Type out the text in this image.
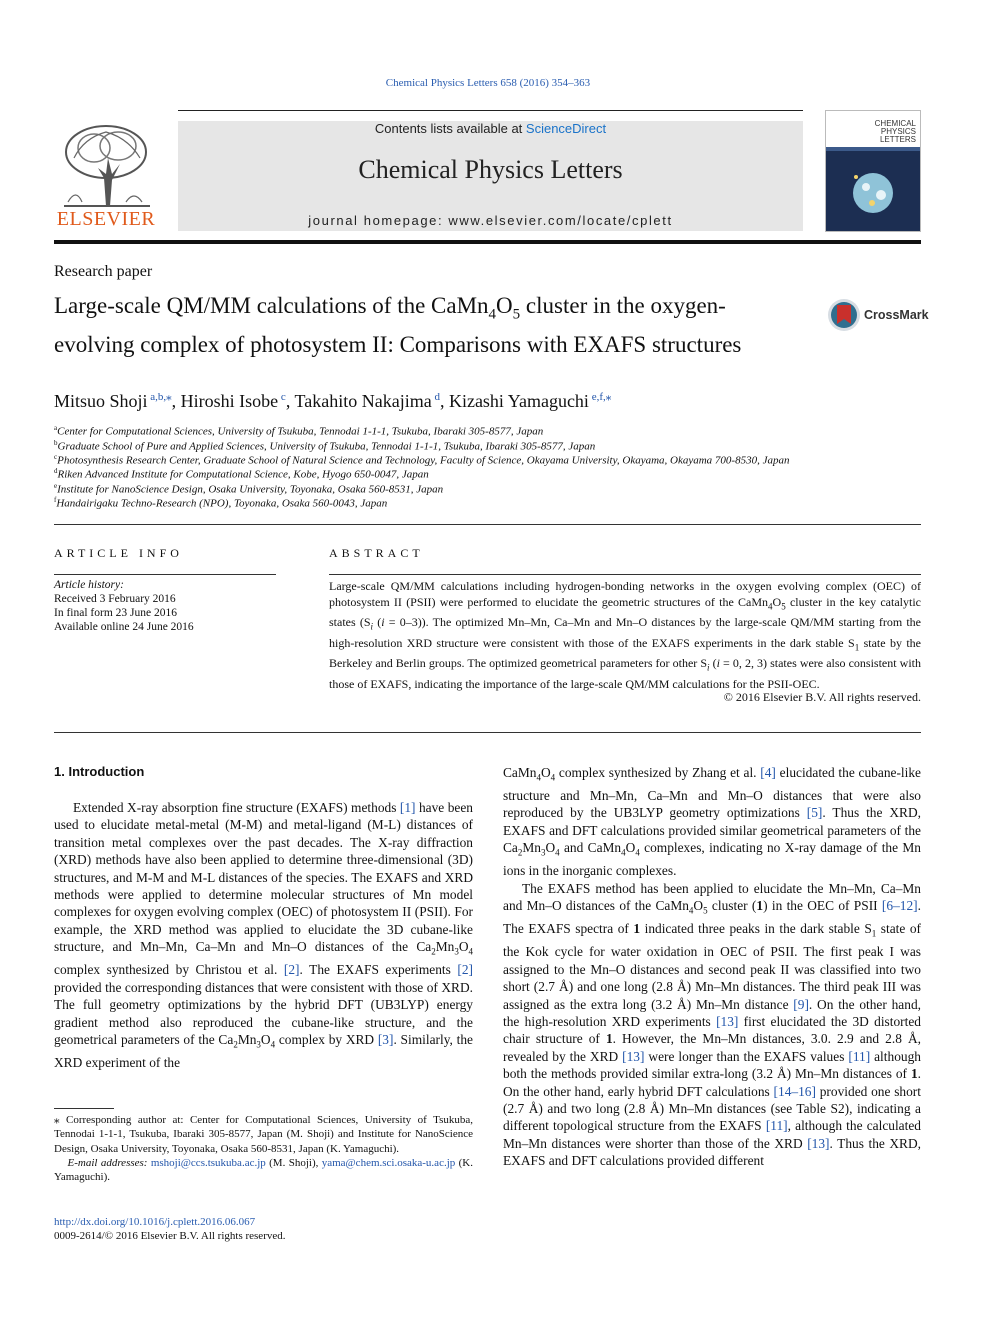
Chemical Physics Letters 658 (2016) 354–363
ELSEVIER
Contents lists available at ScienceDirect
Chemical Physics Letters
journal homepage: www.elsevier.com/locate/cplett
CHEMICAL
PHYSICS
LETTERS
Research paper
Large-scale QM/MM calculations of the $CaMn_4O_5$ cluster in the oxygen-evolving complex of photosystem II: Comparisons with EXAFS structures
CrossMark
Mitsuo Shoji $^{a,b,⁎}$, Hiroshi Isobe $^c$, Takahito Nakajima $^d$, Kizashi Yamaguchi $^{e,f,⁎}$
$^a$Center for Computational Sciences, University of Tsukuba, Tennodai 1-1-1, Tsukuba, Ibaraki 305-8577, Japan
$^b$Graduate School of Pure and Applied Sciences, University of Tsukuba, Tennodai 1-1-1, Tsukuba, Ibaraki 305-8577, Japan
$^c$Photosynthesis Research Center, Graduate School of Natural Science and Technology, Faculty of Science, Okayama University, Okayama, Okayama 700-8530, Japan
$^d$Riken Advanced Institute for Computational Science, Kobe, Hyogo 650-0047, Japan
$^e$Institute for NanoScience Design, Osaka University, Toyonaka, Osaka 560-8531, Japan
$^f$Handairigaku Techno-Research (NPO), Toyonaka, Osaka 560-0043, Japan
ARTICLE INFO	ABSTRACT
Article history:
Received 3 February 2016
In final form 23 June 2016
Available online 24 June 2016
Large-scale QM/MM calculations including hydrogen-bonding networks in the oxygen evolving complex (OEC) of photosystem II (PSII) were performed to elucidate the geometric structures of the $CaMn_4O_5$ cluster in the key catalytic states ($S_i$ (i = 0–3)). The optimized Mn–Mn, Ca–Mn and Mn–O distances by the large-scale QM/MM starting from the high-resolution XRD structure were consistent with those of the EXAFS experiments in the dark stable $S_1$ state by the Berkeley and Berlin groups. The optimized geometrical parameters for other $S_i$ (i = 0, 2, 3) states were also consistent with those of EXAFS, indicating the importance of the large-scale QM/MM calculations for the PSII-OEC.
© 2016 Elsevier B.V. All rights reserved.
1. Introduction

Extended X-ray absorption fine structure (EXAFS) methods [1] have been used to elucidate metal-metal (M-M) and metal-ligand (M-L) distances of transition metal complexes over the past decades. The X-ray diffraction (XRD) methods have also been applied to determine three-dimensional (3D) structures, and M-M and M-L distances of the species. The EXAFS and XRD methods were applied to determine molecular structures of Mn model complexes for oxygen evolving complex (OEC) of photosystem II (PSII). For example, the XRD method was applied to elucidate the 3D cubane-like structure, and Mn–Mn, Ca–Mn and Mn–O distances of the $Ca_2Mn_3O_4$ complex synthesized by Christou et al. [2]. The EXAFS experiments [2] provided the corresponding distances that were consistent with those of XRD. The full geometry optimizations by the hybrid DFT (UB3LYP) energy gradient method also reproduced the cubane-like structure, and the geometrical parameters of the $Ca_2Mn_3O_4$ complex by XRD [3]. Similarly, the XRD experiment of the

$CaMn_4O_4$ complex synthesized by Zhang et al. [4] elucidated the cubane-like structure and Mn–Mn, Ca–Mn and Mn–O distances that were also reproduced by the UB3LYP geometry optimizations [5]. Thus the XRD, EXAFS and DFT calculations provided similar geometrical parameters of the $Ca_2Mn_3O_4$ and $CaMn_4O_4$ complexes, indicating no X-ray damage of the Mn ions in the inorganic complexes.

The EXAFS method has been applied to elucidate the Mn–Mn, Ca–Mn and Mn–O distances of the $CaMn_4O_5$ cluster (1) in the OEC of PSII [6–12]. The EXAFS spectra of 1 indicated three peaks in the dark stable $S_1$ state of the Kok cycle for water oxidation in OEC of PSII. The first peak I was assigned to the Mn–O distances and second peak II was classified into two short (2.7 Å) and one long (2.8 Å) Mn–Mn distances. The third peak III was assigned as the extra long (3.2 Å) Mn–Mn distance [9]. On the other hand, the high-resolution XRD experiments [13] first elucidated the 3D distorted chair structure of 1. However, the Mn–Mn distances, 3.0. 2.9 and 2.8 Å, revealed by the XRD [13] were longer than the EXAFS values [11] although both the methods provided similar extra-long (3.2 Å) Mn–Mn distances of 1. On the other hand, early hybrid DFT calculations [14–16] provided one short (2.7 Å) and two long (2.8 Å) Mn–Mn distances (see Table S2), indicating a different topological structure from the EXAFS [11], although the calculated Mn–Mn distances were shorter than those of the XRD [13]. Thus the XRD, EXAFS and DFT calculations provided different

⁎ Corresponding author at: Center for Computational Sciences, University of Tsukuba, Tennodai 1-1-1, Tsukuba, Ibaraki 305-8577, Japan (M. Shoji) and Institute for NanoScience Design, Osaka University, Toyonaka, Osaka 560-8531, Japan (K. Yamaguchi).
E-mail addresses: mshoji@ccs.tsukuba.ac.jp (M. Shoji), yama@chem.sci.osaka-u.ac.jp (K. Yamaguchi).
http://dx.doi.org/10.1016/j.cplett.2016.06.067
0009-2614/© 2016 Elsevier B.V. All rights reserved.
